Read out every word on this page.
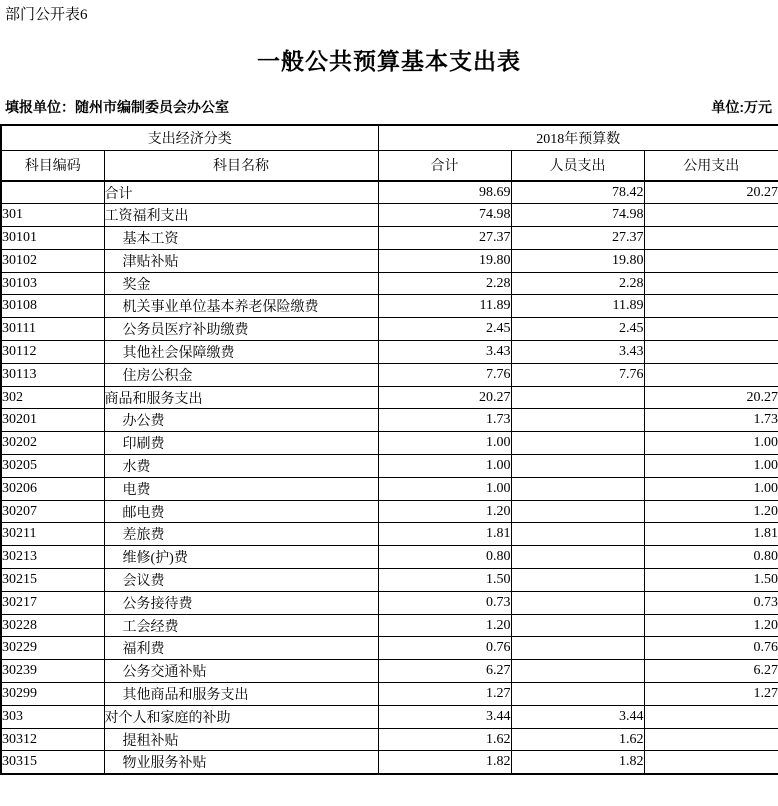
部门公开表6
一般公共预算基本支出表
填报单位：随州市编制委员会办公室	单位:万元
支出经济分类		2018年预算数		
科目编码	科目名称	合计	人员支出	公用支出
	合计	98.69	78.42	20.27
301	工资福利支出	74.98	74.98	
30101	基本工资	27.37	27.37	
30102	津贴补贴	19.80	19.80	
30103	奖金	2.28	2.28	
30108	机关事业单位基本养老保险缴费	11.89	11.89	
30111	公务员医疗补助缴费	2.45	2.45	
30112	其他社会保障缴费	3.43	3.43	
30113	住房公积金	7.76	7.76	
302	商品和服务支出	20.27		20.27
30201	办公费	1.73		1.73
30202	印刷费	1.00		1.00
30205	水费	1.00		1.00
30206	电费	1.00		1.00
30207	邮电费	1.20		1.20
30211	差旅费	1.81		1.81
30213	维修(护)费	0.80		0.80
30215	会议费	1.50		1.50
30217	公务接待费	0.73		0.73
30228	工会经费	1.20		1.20
30229	福利费	0.76		0.76
30239	公务交通补贴	6.27		6.27
30299	其他商品和服务支出	1.27		1.27
303	对个人和家庭的补助	3.44	3.44	
30312	提租补贴	1.62	1.62	
30315	物业服务补贴	1.82	1.82	
